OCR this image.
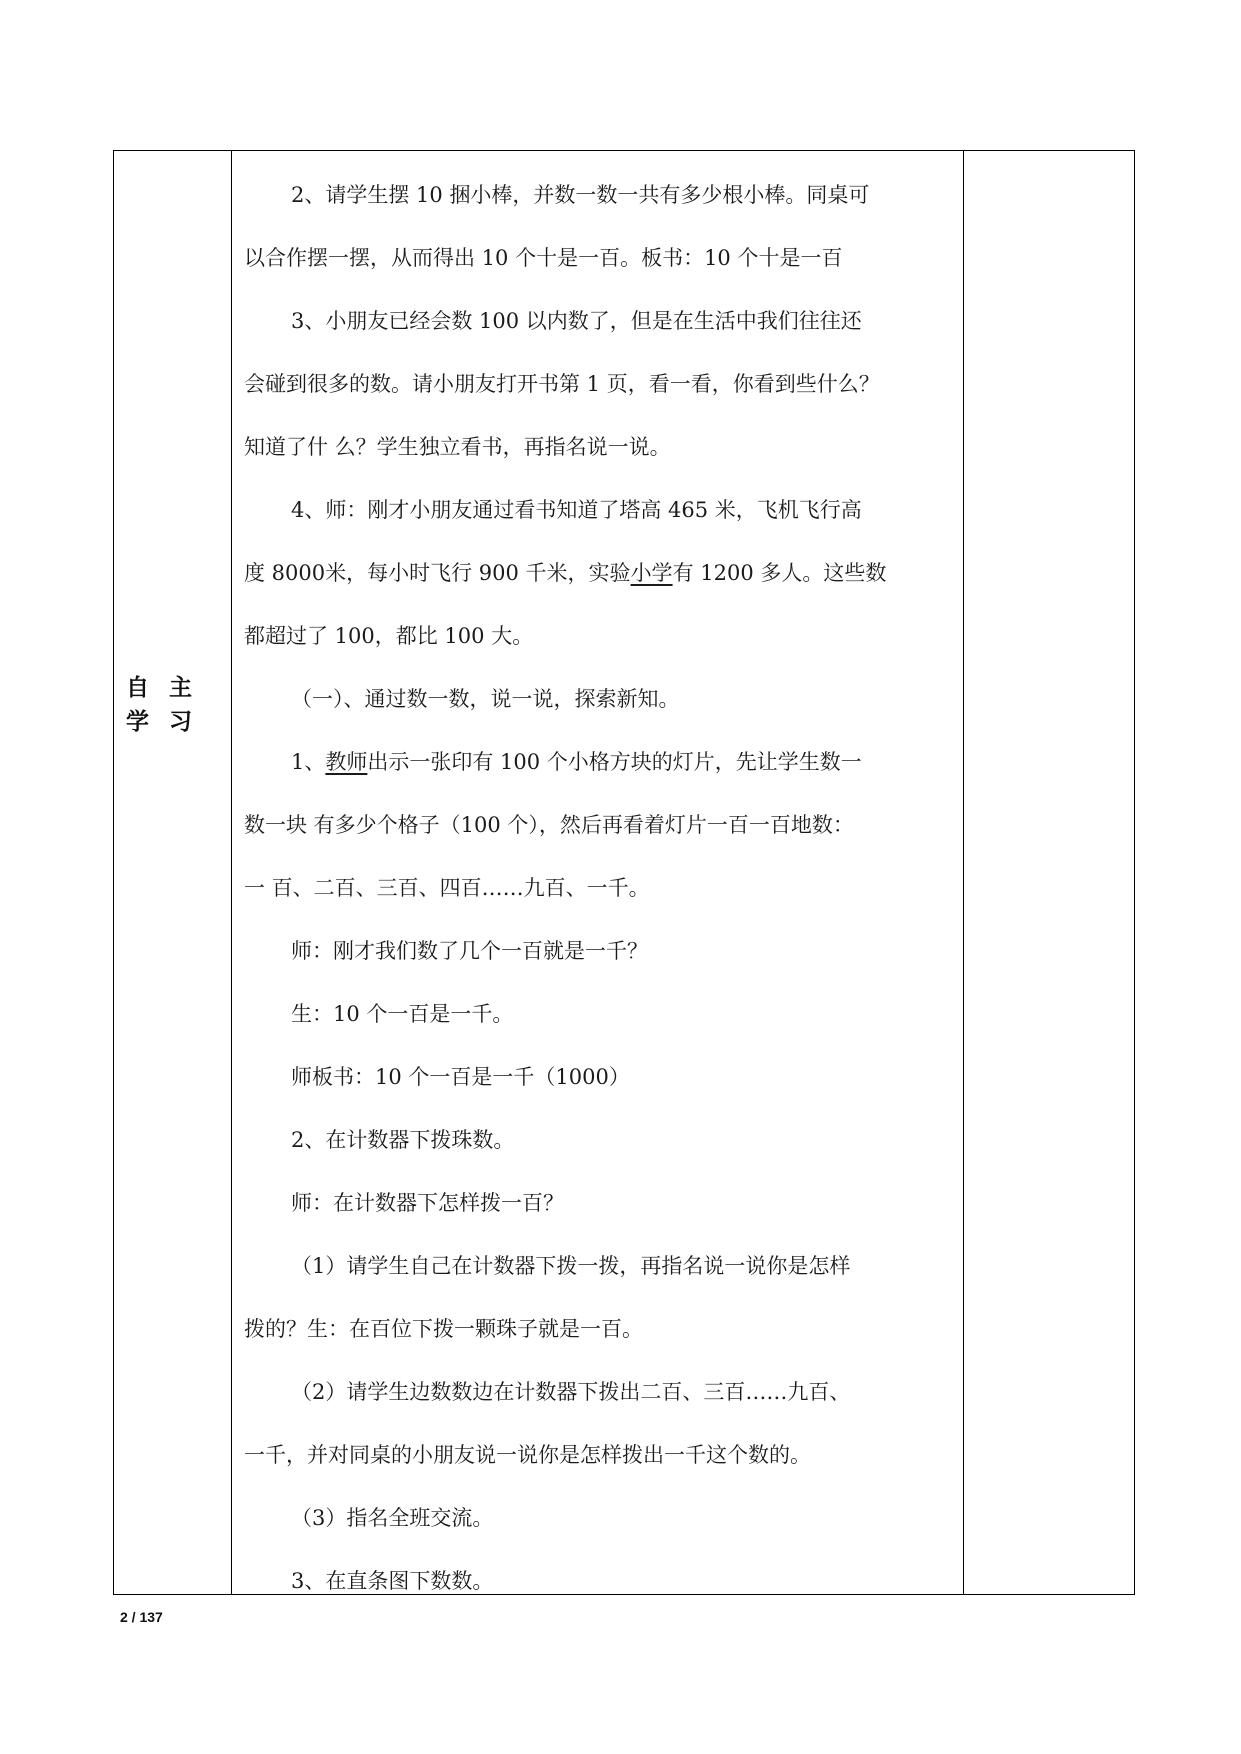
自 主 学 习
2、请学生摆 10 捆小棒，并数一数一共有多少根小棒。同桌可
以合作摆一摆，从而得出 10 个十是一百。板书：10 个十是一百
3、小朋友已经会数 100 以内数了，但是在生活中我们往往还
会碰到很多的数。请小朋友打开书第 1 页，看一看，你看到些什么？
知道了什 么？学生独立看书，再指名说一说。
4、师：刚才小朋友通过看书知道了塔高 465 米，飞机飞行高
度 8000米，每小时飞行 900 千米，实验小学有 1200 多人。这些数
都超过了 100，都比 100 大。
（一）、通过数一数，说一说，探索新知。
1、教师出示一张印有 100 个小格方块的灯片，先让学生数一
数一块 有多少个格子（100 个），然后再看着灯片一百一百地数：
一 百、二百、三百、四百……九百、一千。
师：刚才我们数了几个一百就是一千？
生：10 个一百是一千。
师板书：10 个一百是一千（1000）
2、在计数器下拨珠数。
师：在计数器下怎样拨一百？
（1）请学生自己在计数器下拨一拨，再指名说一说你是怎样
拨的？生：在百位下拨一颗珠子就是一百。
（2）请学生边数数边在计数器下拨出二百、三百……九百、
一千，并对同桌的小朋友说一说你是怎样拨出一千这个数的。
（3）指名全班交流。
3、在直条图下数数。
2 / 137
